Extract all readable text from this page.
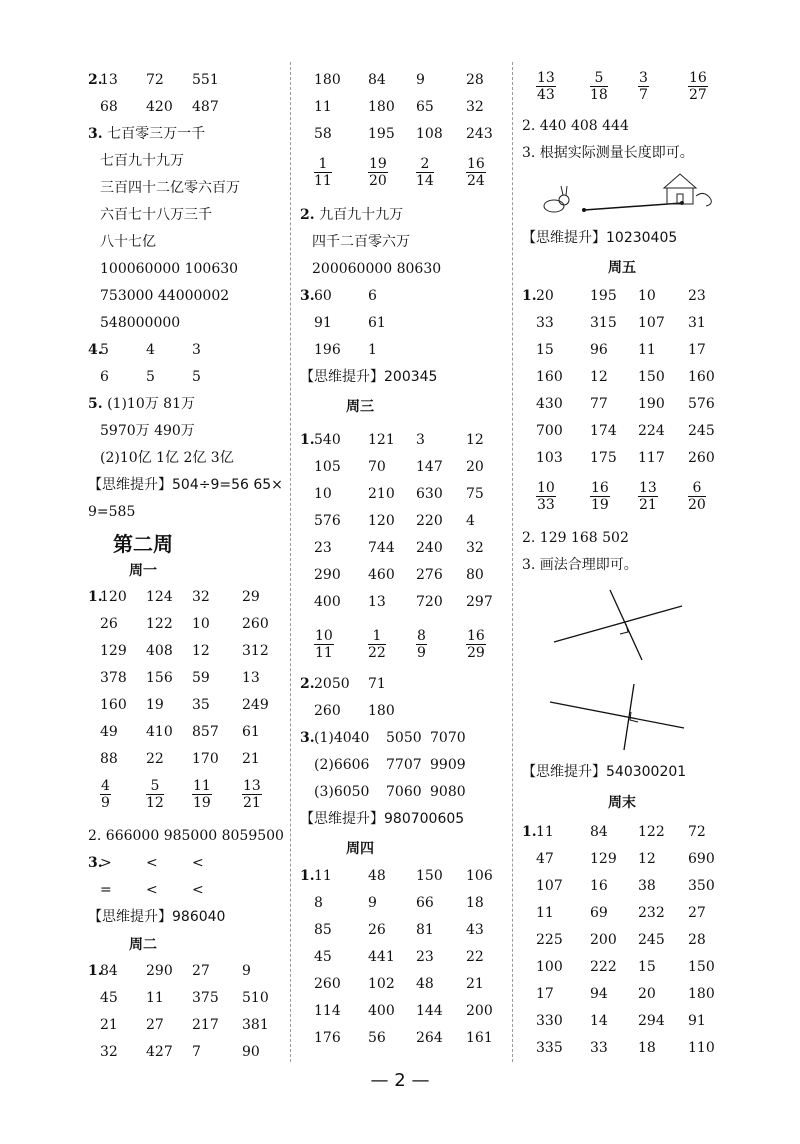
2.
13 72 551
68 420 487
3. 七百零三万一千
七百九十九万
三百四十二亿零六百万
六百七十八万三千
八十七亿
100060000 100630
753000 44000002
548000000
4.
5	4	3
6	5	5
5. (1)10万 81万
5970万 490万
(2)10亿 1亿 2亿 3亿
【思维提升】504÷9=56 65×
9=585
第二周
周一
1.
120 124 32 29
26 122 10 260
129 408 12 312
378 156 59 13
160 19 35 249
49 410 857 61
88 22 170 21
$\frac{4}{9}$	$\frac{5}{12} \frac{11}{19} \frac{13}{21}$
2. 666000 985000 8059500
3.
> < <
= < <
【思维提升】986040
周二
1.
84 290 27 9
45 11 375 510
21 27 217 381
32 427 7	90
180 84 9	28
11	180 65 32
58	195 108 243
$\frac{1}{11}$	$\frac{19}{20} \frac{2}{14} \frac{16}{24}$
2. 九百九十九万
四千二百零六万
200060000 80630
3. 60	6
91	61
196 1
【思维提升】200345
周三
1. 540 121 3	12
105 70 147 20
10	210 630 75
576 120 220 4
23	744 240 32
290 460 276 80
400 13 720 297
$\frac{10}{11} \frac{1}{22} \frac{8}{9}$	$\frac{16}{29}$
2. 2050 71
260 180
3. (1)4040 5050 7070
(2)6606 7707 9909
(3)6050 7060 9080
【思维提升】980700605
周四
1. 11	48 150 106
8	9	66 18
85	26 81 43
45	441 23 22
260 102 48 21
114 400 144 200
176 56 264 161
$\frac{13}{43} \frac{5}{18} \frac{3}{7}$	$\frac{16}{27}$
2. 440 408 444
3. 根据实际测量长度即可。
【思维提升】10230405
周五
1. 20	195 10 23
33	315 107 31
15	96 11 17
160 12 150 160
430 77 190 576
700 174 224 245
103 175 117 260
$\frac{10}{33} \frac{16}{19} \frac{13}{21} \frac{6}{20}$
2. 129 168 502
3. 画法合理即可。
【思维提升】540300201
周末
1. 11	84 122 72
47	129 12 690
107 16 38 350
11	69 232 27
225 200 245 28
100 222 15 150
17	94 20 180
330 14 294 91
335 33 18 110
— 2 —
